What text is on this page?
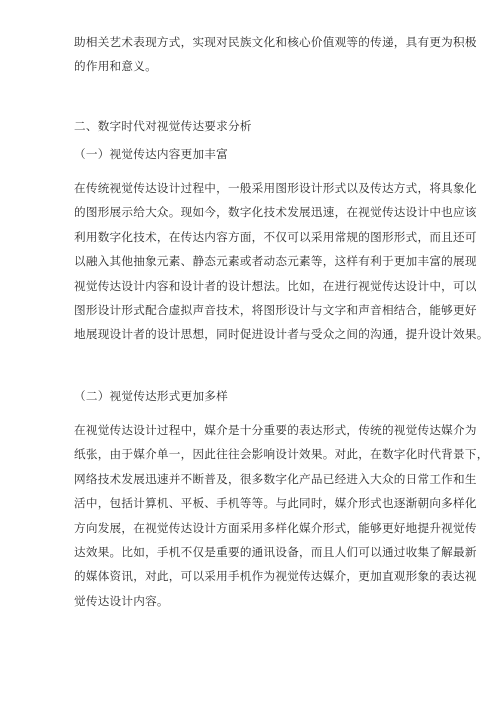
助相关艺术表现方式，实现对民族文化和核心价值观等的传递，具有更为积极
的作用和意义。
二、数字时代对视觉传达要求分析
（一）视觉传达内容更加丰富
在传统视觉传达设计过程中，一般采用图形设计形式以及传达方式，将具象化
的图形展示给大众。现如今，数字化技术发展迅速，在视觉传达设计中也应该
利用数字化技术，在传达内容方面，不仅可以采用常规的图形形式，而且还可
以融入其他抽象元素、静态元素或者动态元素等，这样有利于更加丰富的展现
视觉传达设计内容和设计者的设计想法。比如，在进行视觉传达设计中，可以
图形设计形式配合虚拟声音技术，将图形设计与文字和声音相结合，能够更好
地展现设计者的设计思想，同时促进设计者与受众之间的沟通，提升设计效果。
（二）视觉传达形式更加多样
在视觉传达设计过程中，媒介是十分重要的表达形式，传统的视觉传达媒介为
纸张，由于媒介单一，因此往往会影响设计效果。对此，在数字化时代背景下，
网络技术发展迅速并不断普及，很多数字化产品已经进入大众的日常工作和生
活中，包括计算机、平板、手机等等。与此同时，媒介形式也逐渐朝向多样化
方向发展，在视觉传达设计方面采用多样化媒介形式，能够更好地提升视觉传
达效果。比如，手机不仅是重要的通讯设备，而且人们可以通过收集了解最新
的媒体资讯，对此，可以采用手机作为视觉传达媒介，更加直观形象的表达视
觉传达设计内容。
